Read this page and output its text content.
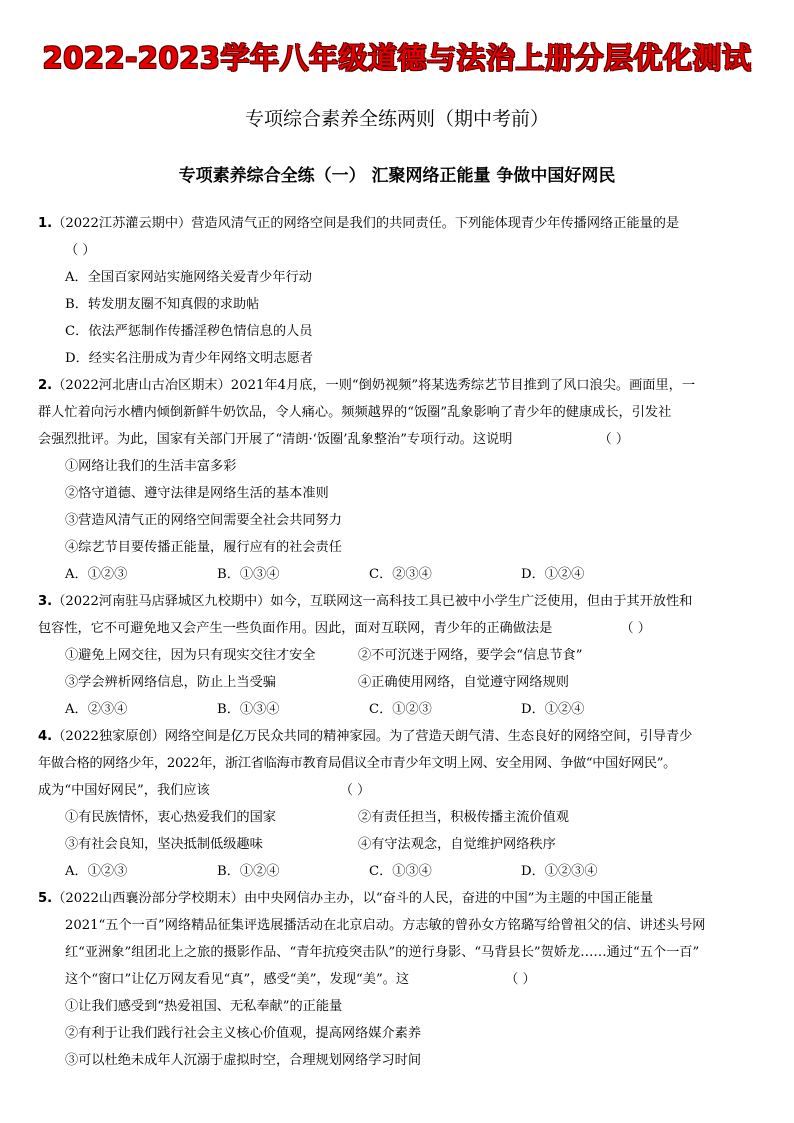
2022-2023学年八年级道德与法治上册分层优化测试
专项综合素养全练两则（期中考前）
专项素养综合全练（一） 汇聚网络正能量 争做中国好网民
1.（2022江苏灌云期中）营造风清气正的网络空间是我们的共同责任。下列能体现青少年传播网络正能量的是
（ ）
A．全国百家网站实施网络关爱青少年行动
B．转发朋友圈不知真假的求助帖
C．依法严惩制作传播淫秽色情信息的人员
D．经实名注册成为青少年网络文明志愿者
2.（2022河北唐山古冶区期末）2021年4月底，一则“倒奶视频”将某选秀综艺节目推到了风口浪尖。画面里，一
群人忙着向污水槽内倾倒新鲜牛奶饮品，令人痛心。频频越界的“饭圈”乱象影响了青少年的健康成长，引发社
会强烈批评。为此，国家有关部门开展了“清朗·‘饭圈’乱象整治”专项行动。这说明	（ ）
①网络让我们的生活丰富多彩
②恪守道德、遵守法律是网络生活的基本准则
③营造风清气正的网络空间需要全社会共同努力
④综艺节目要传播正能量，履行应有的社会责任
A．①②③	B．①③④	C．②③④	D．①②④
3.（2022河南驻马店驿城区九校期中）如今，互联网这一高科技工具已被中小学生广泛使用，但由于其开放性和
包容性，它不可避免地又会产生一些负面作用。因此，面对互联网，青少年的正确做法是	（ ）
①避免上网交往，因为只有现实交往才安全	②不可沉迷于网络，要学会“信息节食”
③学会辨析网络信息，防止上当受骗	④正确使用网络，自觉遵守网络规则
A．②③④	B．①③④	C．①②③	D．①②④
4.（2022独家原创）网络空间是亿万民众共同的精神家园。为了营造天朗气清、生态良好的网络空间，引导青少
年做合格的网络少年，2022年，浙江省临海市教育局倡议全市青少年文明上网、安全用网、争做“中国好网民”。
成为“中国好网民”，我们应该	（ ）
①有民族情怀，衷心热爱我们的国家	②有责任担当，积极传播主流价值观
③有社会良知，坚决抵制低级趣味	④有守法观念，自觉维护网络秩序
A．①②③	B．①②④	C．①③④	D．①②③④
5.（2022山西襄汾部分学校期末）由中央网信办主办，以“奋斗的人民，奋进的中国”为主题的中国正能量
2021“五个一百”网络精品征集评选展播活动在北京启动。方志敏的曾孙女方铭璐写给曾祖父的信、讲述头号网
红“亚洲象”组团北上之旅的摄影作品、“青年抗疫突击队”的逆行身影、“马背县长”贺娇龙……通过“五个一百”
这个“窗口”让亿万网友看见“真”，感受“美”，发现“美”。这	（ ）
①让我们感受到“热爱祖国、无私奉献”的正能量
②有利于让我们践行社会主义核心价值观，提高网络媒介素养
③可以杜绝未成年人沉溺于虚拟时空，合理规划网络学习时间
